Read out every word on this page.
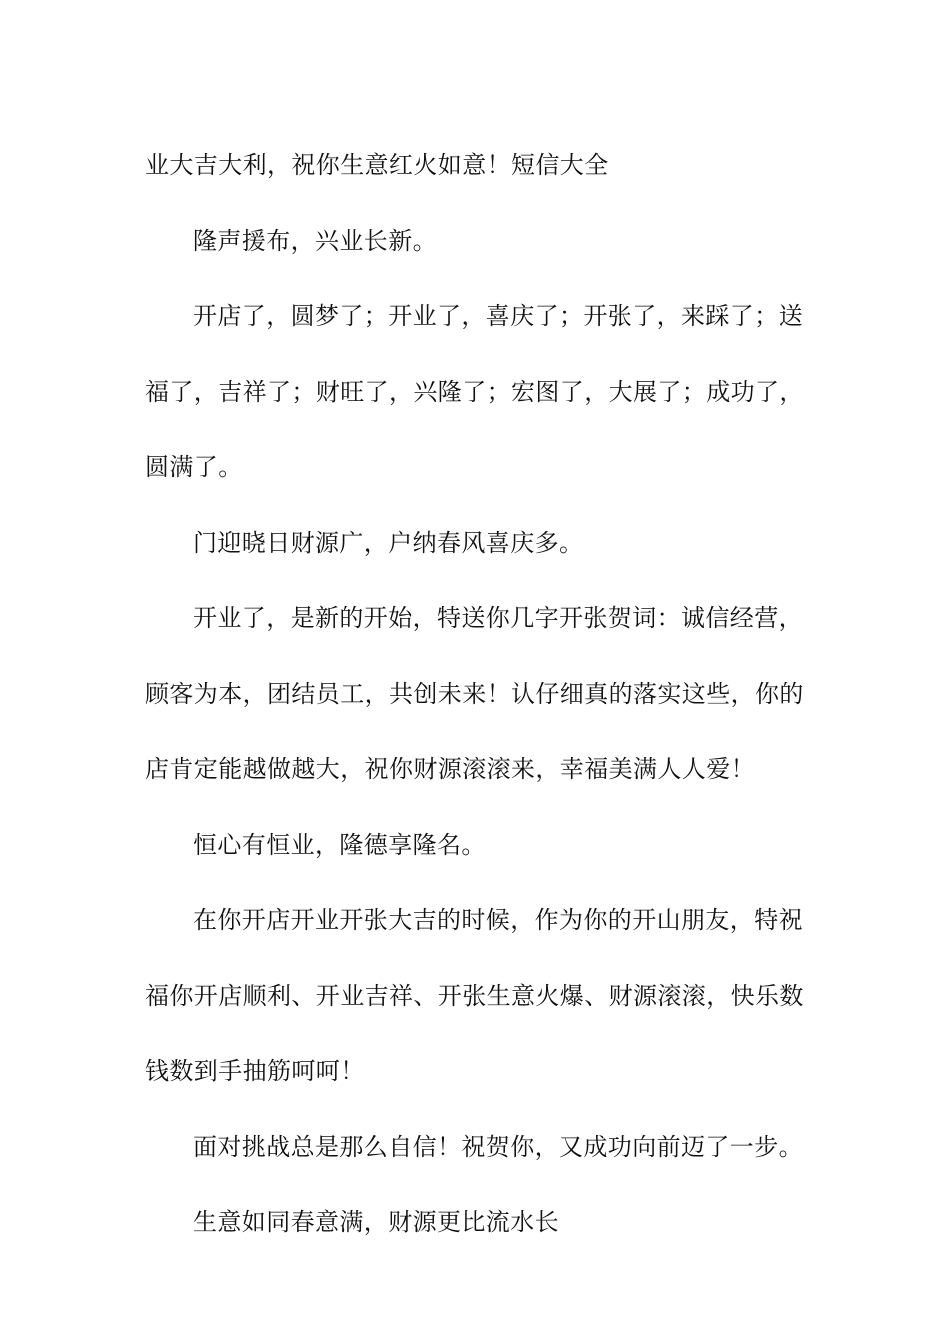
业大吉大利，祝你生意红火如意！短信大全

隆声援布，兴业长新。

开店了，圆梦了；开业了，喜庆了；开张了，来踩了；送
福了，吉祥了；财旺了，兴隆了；宏图了，大展了；成功了，
圆满了。

门迎晓日财源广，户纳春风喜庆多。

开业了，是新的开始，特送你几字开张贺词：诚信经营，
顾客为本，团结员工，共创未来！认仔细真的落实这些，你的
店肯定能越做越大，祝你财源滚滚来，幸福美满人人爱！

恒心有恒业，隆德享隆名。

在你开店开业开张大吉的时候，作为你的开山朋友，特祝
福你开店顺利、开业吉祥、开张生意火爆、财源滚滚，快乐数
钱数到手抽筋呵呵！

面对挑战总是那么自信！祝贺你，又成功向前迈了一步。

生意如同春意满，财源更比流水长
